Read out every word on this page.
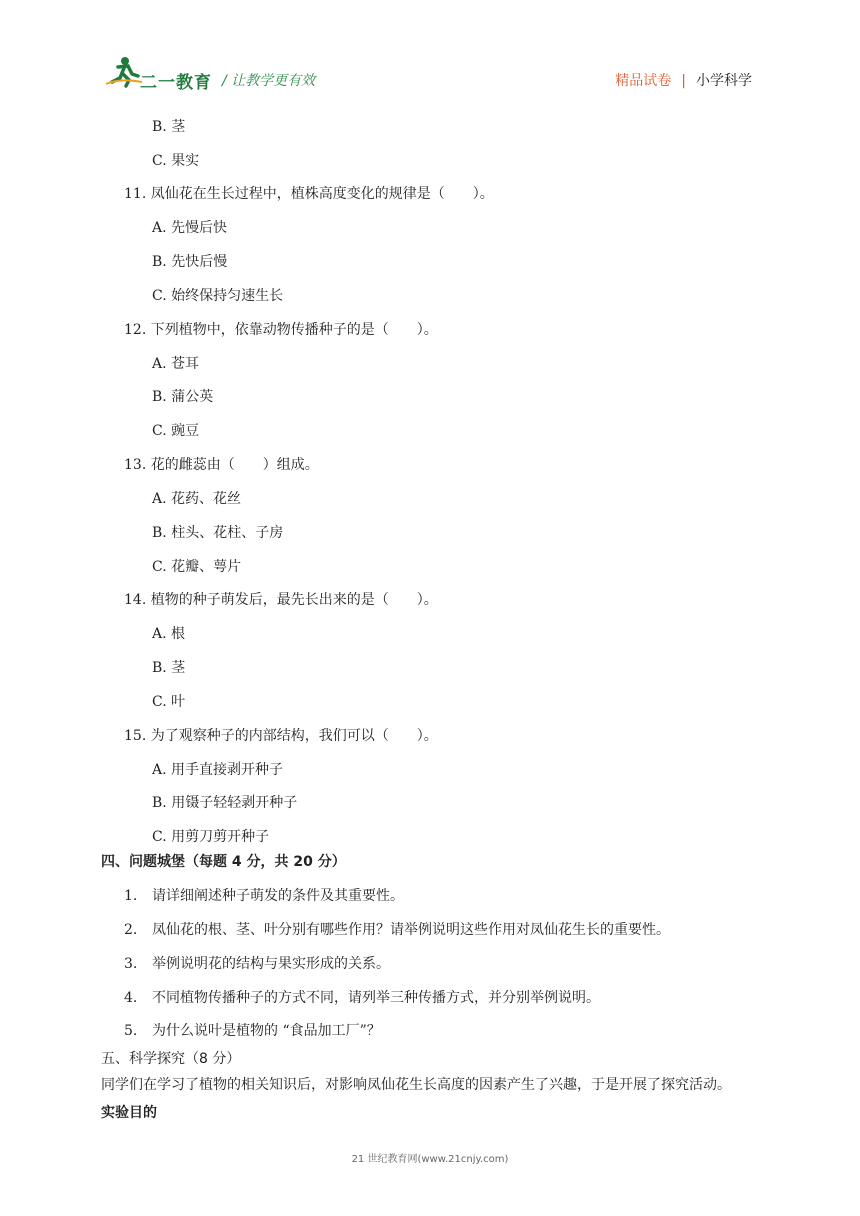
二一教育 / 让教学更有效	精品试卷 | 小学科学
B. 茎
C. 果实
11. 凤仙花在生长过程中，植株高度变化的规律是（　　）。
A. 先慢后快
B. 先快后慢
C. 始终保持匀速生长
12. 下列植物中，依靠动物传播种子的是（　　）。
A. 苍耳
B. 蒲公英
C. 豌豆
13. 花的雌蕊由（　　）组成。
A. 花药、花丝
B. 柱头、花柱、子房
C. 花瓣、萼片
14. 植物的种子萌发后，最先长出来的是（　　）。
A. 根
B. 茎
C. 叶
15. 为了观察种子的内部结构，我们可以（　　）。
A. 用手直接剥开种子
B. 用镊子轻轻剥开种子
C. 用剪刀剪开种子
四、问题城堡（每题 4 分，共 20 分）
1. 请详细阐述种子萌发的条件及其重要性。
2. 凤仙花的根、茎、叶分别有哪些作用？请举例说明这些作用对凤仙花生长的重要性。
3. 举例说明花的结构与果实形成的关系。
4. 不同植物传播种子的方式不同，请列举三种传播方式，并分别举例说明。
5. 为什么说叶是植物的 “食品加工厂”？
五、科学探究（8 分）
同学们在学习了植物的相关知识后，对影响凤仙花生长高度的因素产生了兴趣，于是开展了探究活动。
实验目的
21 世纪教育网(www.21cnjy.com)
